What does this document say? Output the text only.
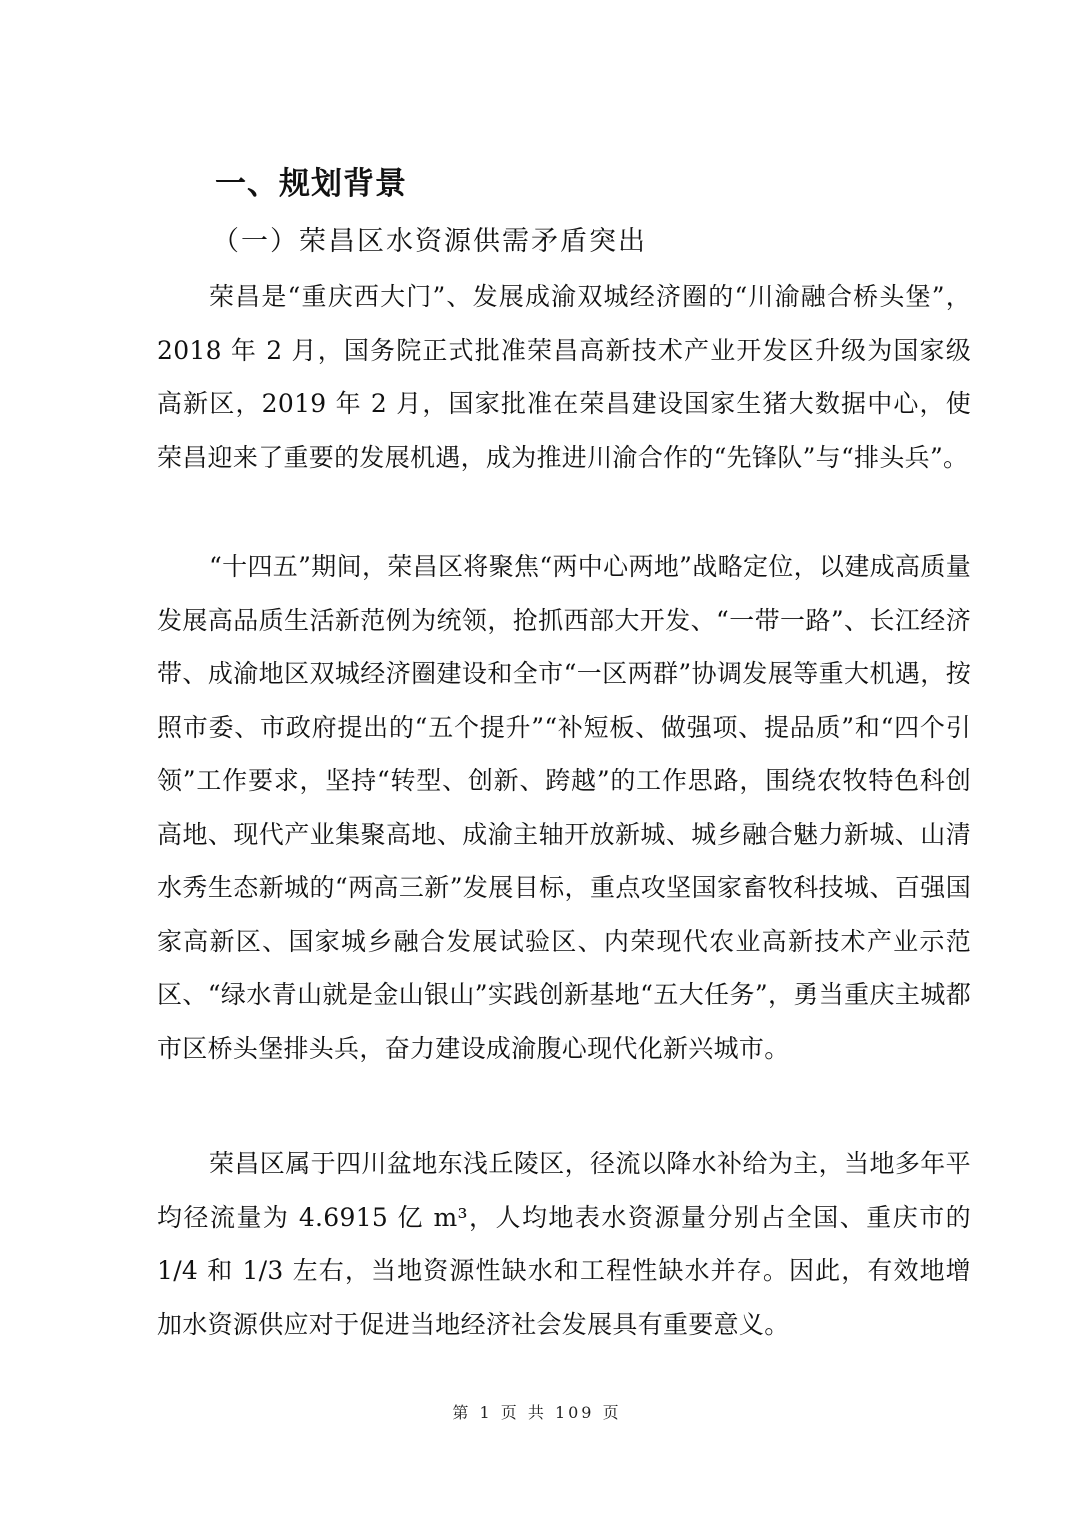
一、规划背景
（一）荣昌区水资源供需矛盾突出

荣昌是“重庆西大门”、发展成渝双城经济圈的“川渝融合桥头堡”，2018 年 2 月，国务院正式批准荣昌高新技术产业开发区升级为国家级高新区，2019 年 2 月，国家批准在荣昌建设国家生猪大数据中心，使荣昌迎来了重要的发展机遇，成为推进川渝合作的“先锋队”与“排头兵”。

“十四五”期间，荣昌区将聚焦“两中心两地”战略定位，以建成高质量发展高品质生活新范例为统领，抢抓西部大开发、“一带一路”、长江经济带、成渝地区双城经济圈建设和全市“一区两群”协调发展等重大机遇，按照市委、市政府提出的“五个提升”“补短板、做强项、提品质”和“四个引领”工作要求，坚持“转型、创新、跨越”的工作思路，围绕农牧特色科创高地、现代产业集聚高地、成渝主轴开放新城、城乡融合魅力新城、山清水秀生态新城的“两高三新”发展目标，重点攻坚国家畜牧科技城、百强国家高新区、国家城乡融合发展试验区、内荣现代农业高新技术产业示范区、“绿水青山就是金山银山”实践创新基地“五大任务”，勇当重庆主城都市区桥头堡排头兵，奋力建设成渝腹心现代化新兴城市。

荣昌区属于四川盆地东浅丘陵区，径流以降水补给为主，当地多年平均径流量为 4.6915 亿 m³，人均地表水资源量分别占全国、重庆市的 1/4 和 1/3 左右，当地资源性缺水和工程性缺水并存。因此，有效地增加水资源供应对于促进当地经济社会发展具有重要意义。

第 1 页 共 109 页
